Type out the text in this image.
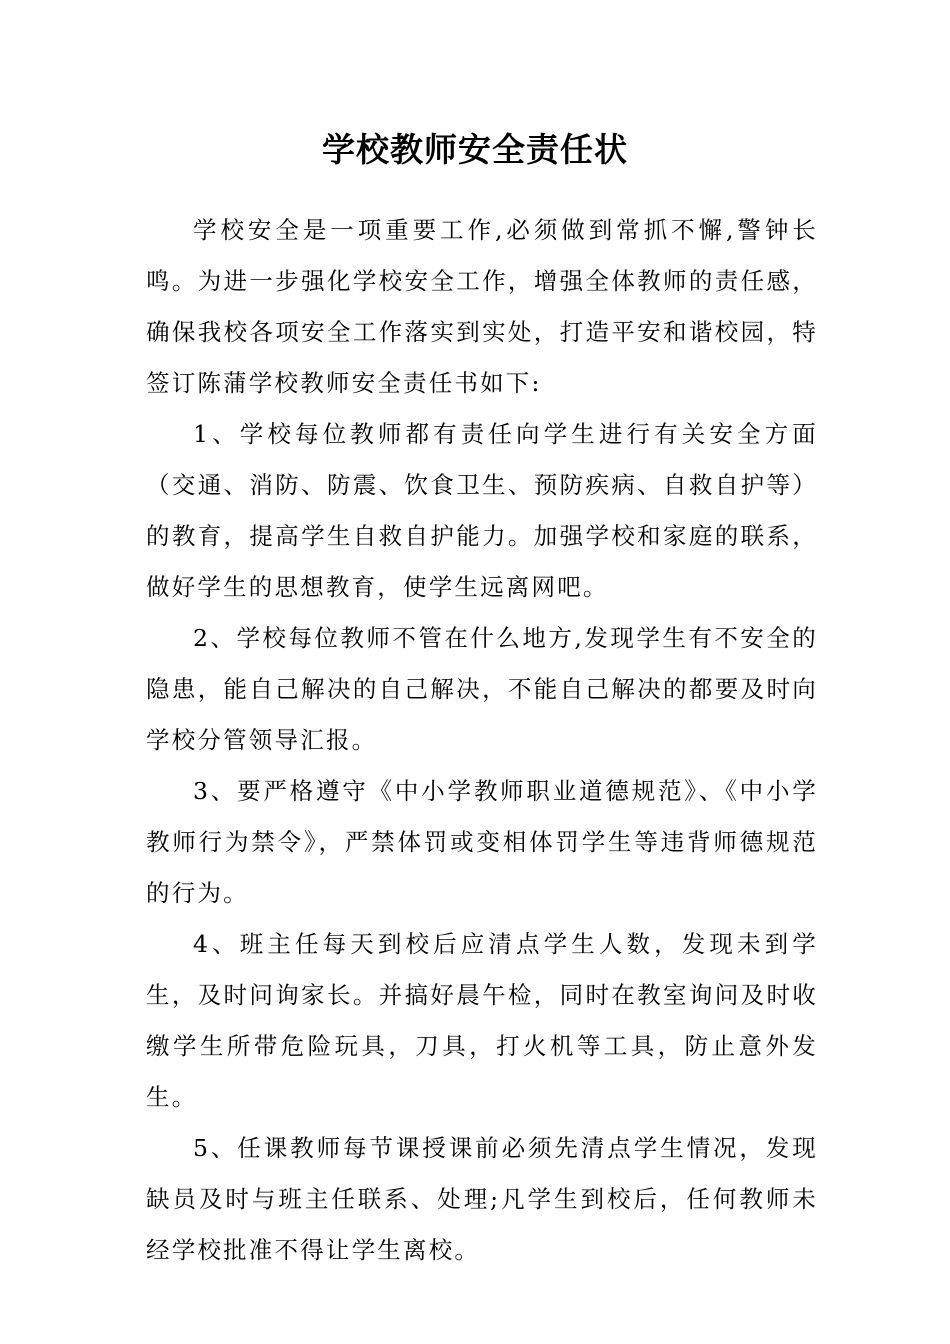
学校教师安全责任状

学校安全是一项重要工作,必须做到常抓不懈,警钟长鸣。为进一步强化学校安全工作，增强全体教师的责任感，确保我校各项安全工作落实到实处，打造平安和谐校园，特签订陈蒲学校教师安全责任书如下:

1、学校每位教师都有责任向学生进行有关安全方面（交通、消防、防震、饮食卫生、预防疾病、自救自护等）的教育，提高学生自救自护能力。加强学校和家庭的联系，做好学生的思想教育，使学生远离网吧。

2、学校每位教师不管在什么地方,发现学生有不安全的隐患，能自己解决的自己解决，不能自己解决的都要及时向学校分管领导汇报。

3、要严格遵守《中小学教师职业道德规范》、《中小学教师行为禁令》，严禁体罚或变相体罚学生等违背师德规范的行为。

4、班主任每天到校后应清点学生人数，发现未到学生，及时问询家长。并搞好晨午检，同时在教室询问及时收缴学生所带危险玩具，刀具，打火机等工具，防止意外发生。

5、任课教师每节课授课前必须先清点学生情况，发现缺员及时与班主任联系、处理;凡学生到校后，任何教师未经学校批准不得让学生离校。
